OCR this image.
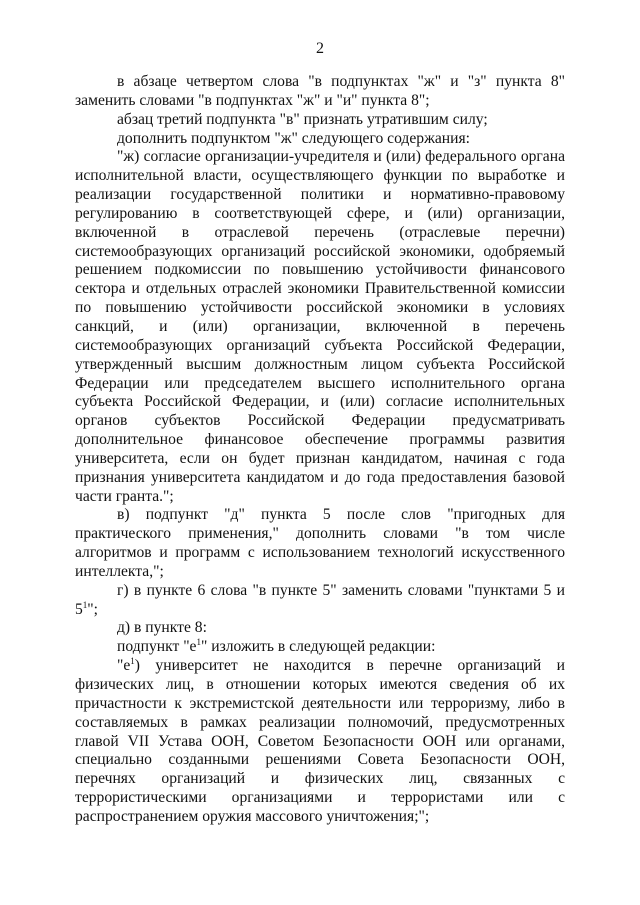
2

в абзаце четвертом слова "в подпунктах "ж" и "з" пункта 8" заменить словами "в подпунктах "ж" и "и" пункта 8";

абзац третий подпункта "в" признать утратившим силу;

дополнить подпунктом "ж" следующего содержания:

"ж) согласие организации-учредителя и (или) федерального органа исполнительной власти, осуществляющего функции по выработке и реализации государственной политики и нормативно-правовому регулированию в соответствующей сфере, и (или) организации, включенной в отраслевой перечень (отраслевые перечни) системообразующих организаций российской экономики, одобряемый решением подкомиссии по повышению устойчивости финансового сектора и отдельных отраслей экономики Правительственной комиссии по повышению устойчивости российской экономики в условиях санкций, и (или) организации, включенной в перечень системообразующих организаций субъекта Российской Федерации, утвержденный высшим должностным лицом субъекта Российской Федерации или председателем высшего исполнительного органа субъекта Российской Федерации, и (или) согласие исполнительных органов субъектов Российской Федерации предусматривать дополнительное финансовое обеспечение программы развития университета, если он будет признан кандидатом, начиная с года признания университета кандидатом и до года предоставления базовой части гранта.";

в) подпункт "д" пункта 5 после слов "пригодных для практического применения," дополнить словами "в том числе алгоритмов и программ с использованием технологий искусственного интеллекта,";

г) в пункте 6 слова "в пункте 5" заменить словами "пунктами 5 и $5^1$";

д) в пункте 8:

подпункт "$е^1$" изложить в следующей редакции:

"$е^1$) университет не находится в перечне организаций и физических лиц, в отношении которых имеются сведения об их причастности к экстремистской деятельности или терроризму, либо в составляемых в рамках реализации полномочий, предусмотренных главой VII Устава ООН, Советом Безопасности ООН или органами, специально созданными решениями Совета Безопасности ООН, перечнях организаций и физических лиц, связанных с террористическими организациями и террористами или с распространением оружия массового уничтожения;";
